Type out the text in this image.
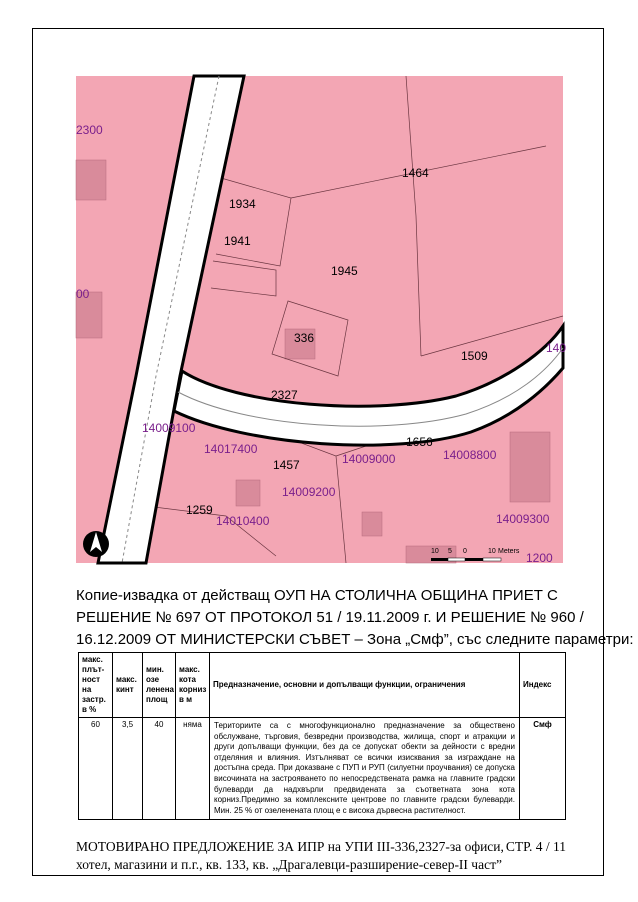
1464
1934
1941
1945
336
1509
2327
1656
1457
1259
2300
00
14009100
14017400
14009000	14008800
14009200
14010400	14009300
1200
140
10 5 0	10 Meters
Копие-извадка от действащ ОУП НА СТОЛИЧНА ОБЩИНА ПРИЕТ С
РЕШЕНИЕ № 697 ОТ ПРОТОКОЛ 51 / 19.11.2009 г. И РЕШЕНИЕ № 960 /
16.12.2009 ОТ МИНИСТЕРСКИ СЪВЕТ – Зона „Смф”, със следните параметри:
макс. плът- ност на застр. в %	макс. кинт	мин. озе ленена площ	макс. кота корниз в м	Предназначение, основни и допълващи функции, ограничения	Индекс
60	3,5	40	няма	Териториите са с многофункционално предназначение за обществено обслужване, търговия, безвредни производства, жилища, спорт и атракции и други допълващи функции, без да се допускат обекти за дейности с вредни отделяния и влияния. Изтълняват се всички изисквания за изграждане на достъпна среда. При доказване с ПУП и РУП (силуетни проучвания) се допуска височината на застрояването по непосредствената рамка на главните градски булеварди да надхвърли предвидената за съответната зона кота корниз.Предимно за комплексните центрове по главните градски булеварди. Мин. 25 % от озеленената площ е с висока дървесна растителност.	Смф
МОТОВИРАНО ПРЕДЛОЖЕНИЕ ЗА ИПР на УПИ III-336,2327-за офиси, СТР. 4 / 11
хотел, магазини и п.г., кв. 133, кв. „Драгалевци-разширение-север-II част”
